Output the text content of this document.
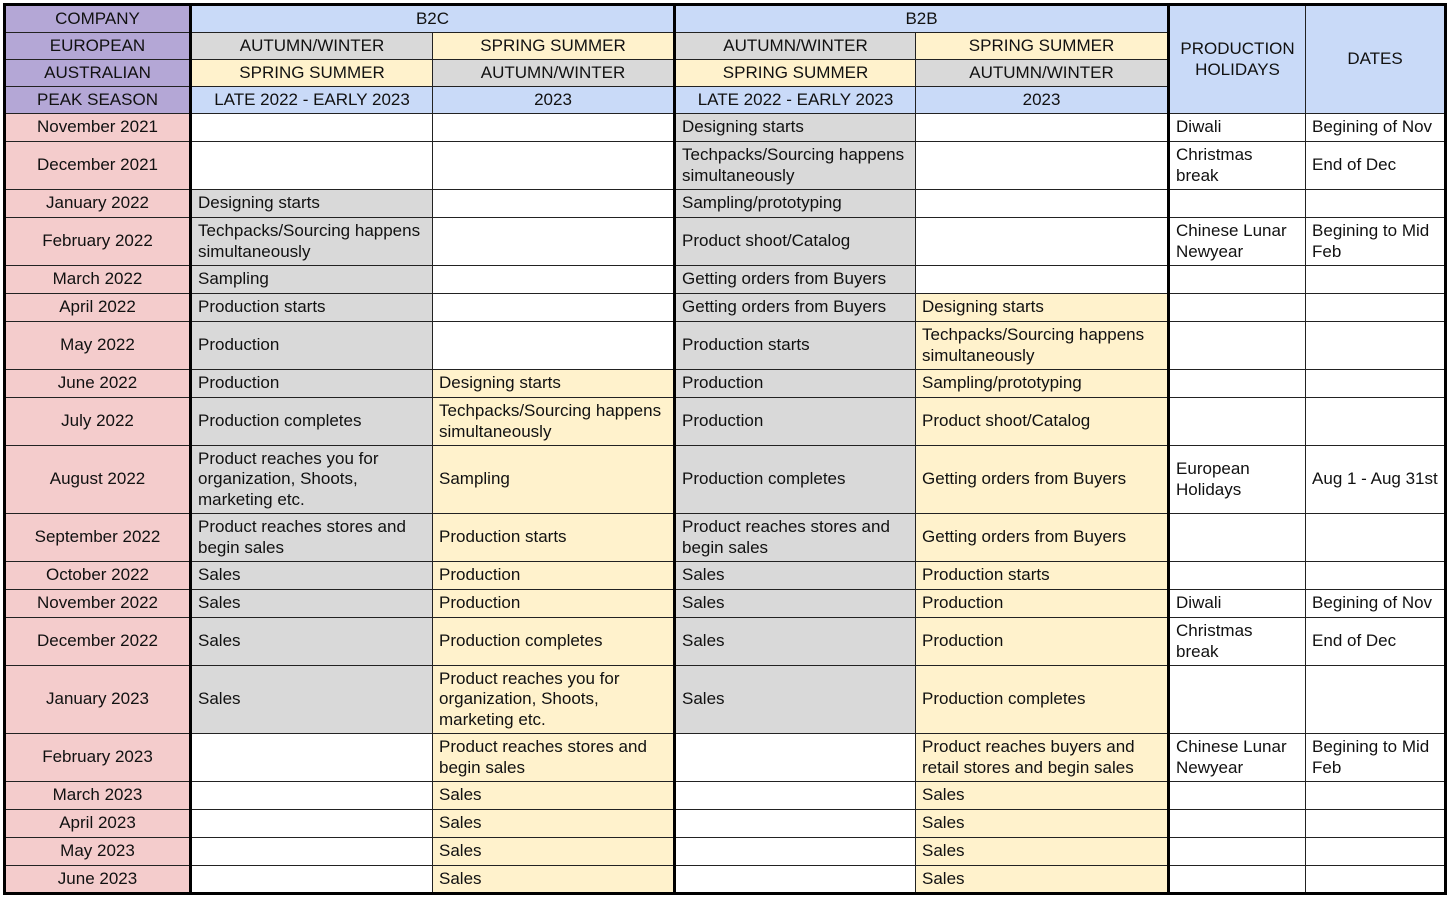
COMPANY	B2C		B2B		PRODUCTION HOLIDAYS	DATES
EUROPEAN	AUTUMN/WINTER	SPRING SUMMER	AUTUMN/WINTER	SPRING SUMMER		
AUSTRALIAN	SPRING SUMMER	AUTUMN/WINTER	SPRING SUMMER	AUTUMN/WINTER		
PEAK SEASON	LATE 2022 - EARLY 2023	2023	LATE 2022 - EARLY 2023	2023		
November 2021			Designing starts		Diwali	Begining of Nov
December 2021			Techpacks/Sourcing happens simultaneously		Christmas break	End of Dec
January 2022	Designing starts		Sampling/prototyping			
February 2022	Techpacks/Sourcing happens simultaneously		Product shoot/Catalog		Chinese Lunar Newyear	Begining to Mid Feb
March 2022	Sampling		Getting orders from Buyers			
April 2022	Production starts		Getting orders from Buyers	Designing starts		
May 2022	Production		Production starts	Techpacks/Sourcing happens simultaneously		
June 2022	Production	Designing starts	Production	Sampling/prototyping		
July 2022	Production completes	Techpacks/Sourcing happens simultaneously	Production	Product shoot/Catalog		
August 2022	Product reaches you for organization, Shoots, marketing etc.	Sampling	Production completes	Getting orders from Buyers	European Holidays	Aug 1 - Aug 31st
September 2022	Product reaches stores and begin sales	Production starts	Product reaches stores and begin sales	Getting orders from Buyers		
October 2022	Sales	Production	Sales	Production starts		
November 2022	Sales	Production	Sales	Production	Diwali	Begining of Nov
December 2022	Sales	Production completes	Sales	Production	Christmas break	End of Dec
January 2023	Sales	Product reaches you for organization, Shoots, marketing etc.	Sales	Production completes		
February 2023		Product reaches stores and begin sales		Product reaches buyers and retail stores and begin sales	Chinese Lunar Newyear	Begining to Mid Feb
March 2023		Sales		Sales		
April 2023		Sales		Sales		
May 2023		Sales		Sales		
June 2023		Sales		Sales		
